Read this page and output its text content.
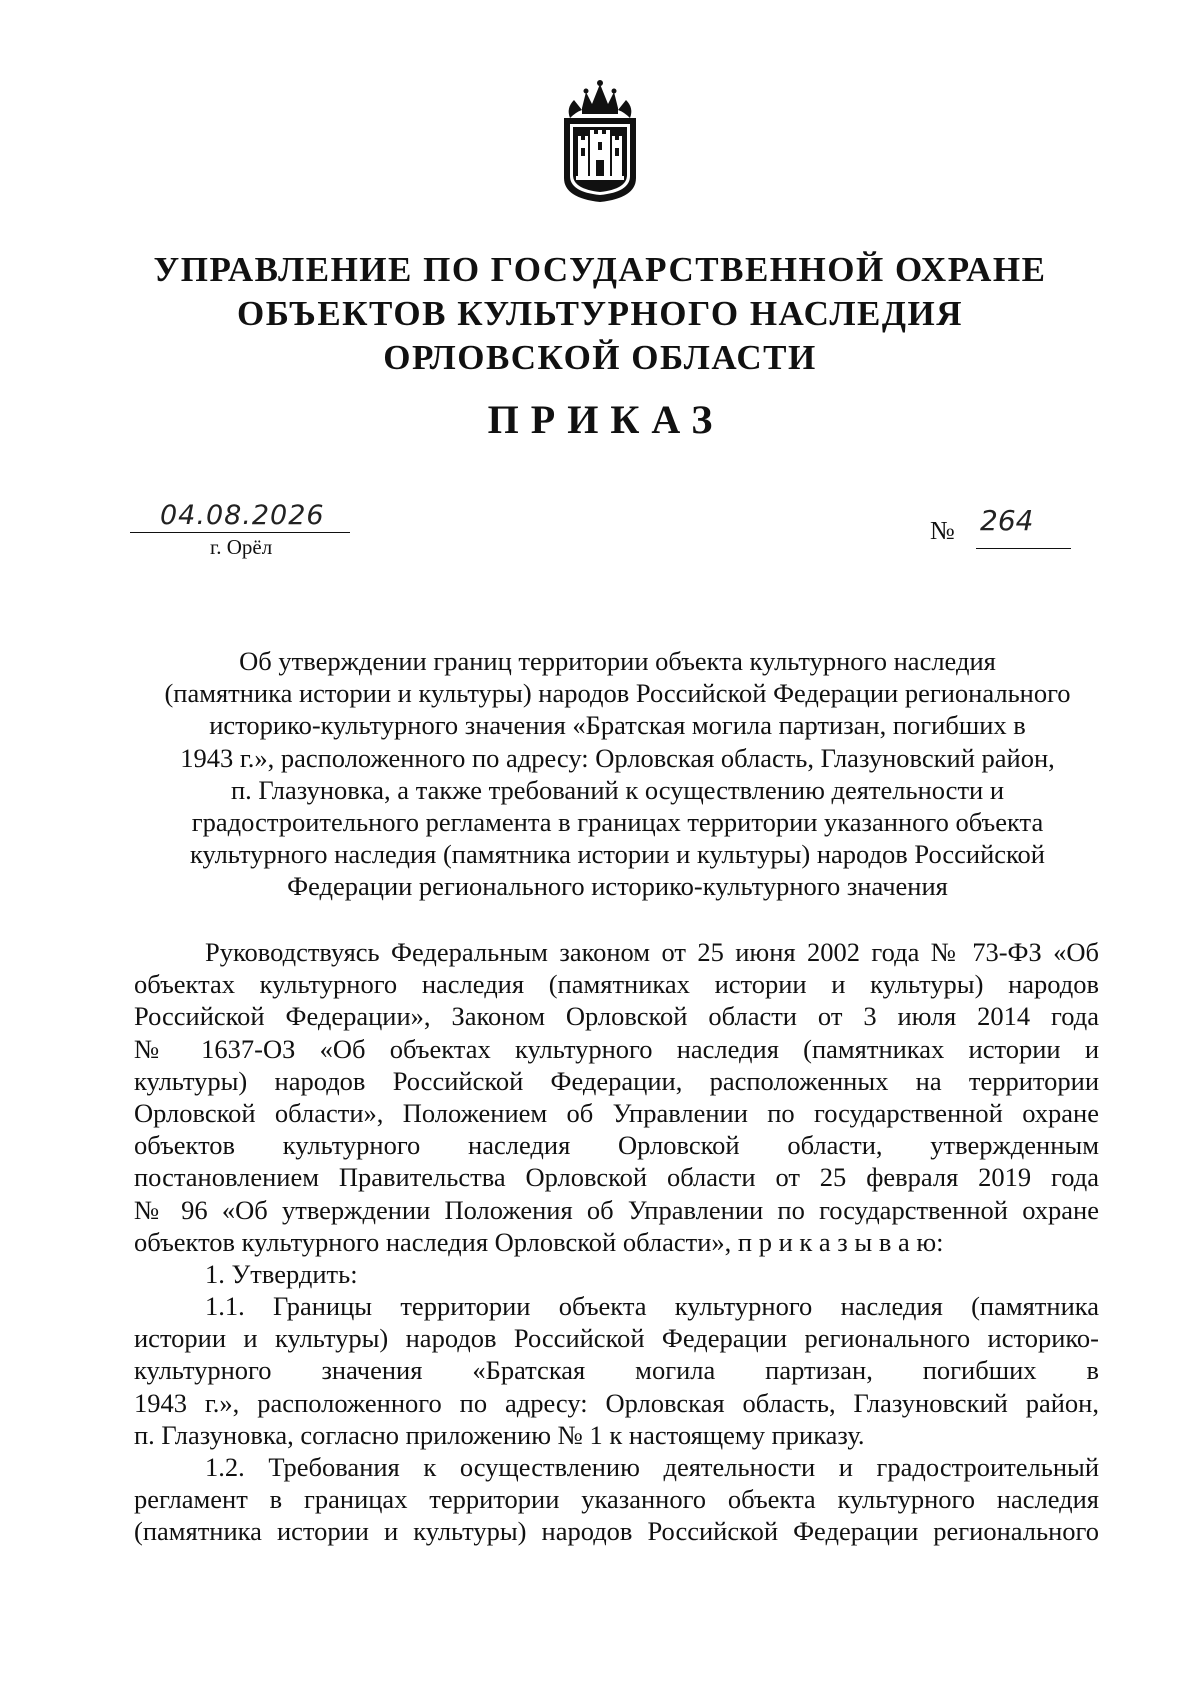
УПРАВЛЕНИЕ ПО ГОСУДАРСТВЕННОЙ ОХРАНЕ
ОБЪЕКТОВ КУЛЬТУРНОГО НАСЛЕДИЯ
ОРЛОВСКОЙ ОБЛАСТИ
ПРИКАЗ
04.08.2026
г. Орёл
№ 264
Об утверждении границ территории объекта культурного наследия
(памятника истории и культуры) народов Российской Федерации регионального
историко-культурного значения «Братская могила партизан, погибших в
1943 г.», расположенного по адресу: Орловская область, Глазуновский район,
п. Глазуновка, а также требований к осуществлению деятельности и
градостроительного регламента в границах территории указанного объекта
культурного наследия (памятника истории и культуры) народов Российской
Федерации регионального историко-культурного значения
Руководствуясь Федеральным законом от 25 июня 2002 года № 73-ФЗ «Об
объектах культурного наследия (памятниках истории и культуры) народов
Российской Федерации», Законом Орловской области от 3 июля 2014 года
№ 1637-ОЗ «Об объектах культурного наследия (памятниках истории и
культуры) народов Российской Федерации, расположенных на территории
Орловской области», Положением об Управлении по государственной охране
объектов культурного наследия Орловской области, утвержденным
постановлением Правительства Орловской области от 25 февраля 2019 года
№ 96 «Об утверждении Положения об Управлении по государственной охране
объектов культурного наследия Орловской области», п р и к а з ы в а ю:
1. Утвердить:
1.1. Границы территории объекта культурного наследия (памятника
истории и культуры) народов Российской Федерации регионального историко-
культурного значения «Братская могила партизан, погибших в
1943 г.», расположенного по адресу: Орловская область, Глазуновский район,
п. Глазуновка, согласно приложению № 1 к настоящему приказу.
1.2. Требования к осуществлению деятельности и градостроительный
регламент в границах территории указанного объекта культурного наследия
(памятника истории и культуры) народов Российской Федерации регионального
